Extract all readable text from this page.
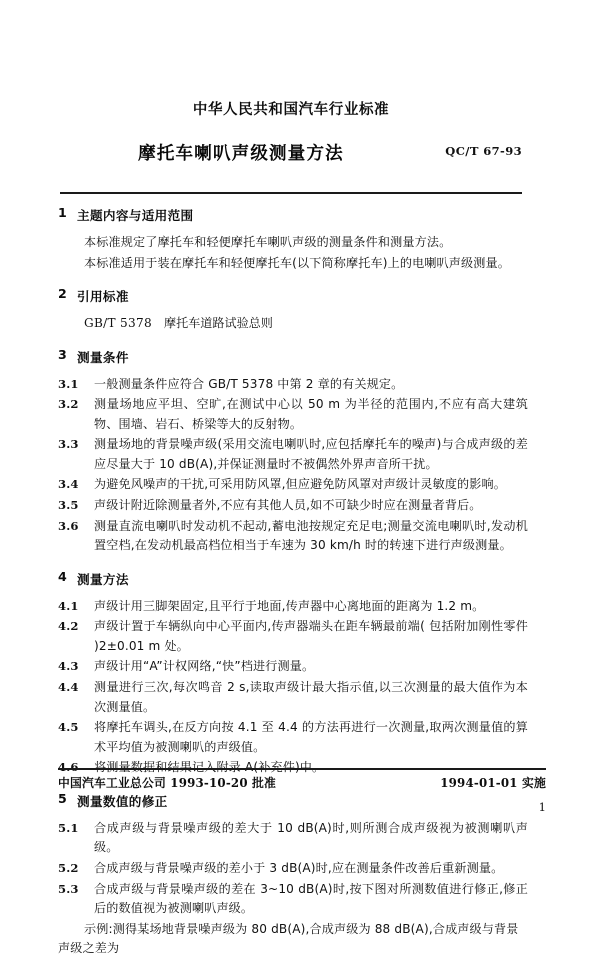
中华人民共和国汽车行业标准
摩托车喇叭声级测量方法	QC/T 67-93
1 主题内容与适用范围
本标准规定了摩托车和轻便摩托车喇叭声级的测量条件和测量方法。
本标准适用于装在摩托车和轻便摩托车(以下简称摩托车)上的电喇叭声级测量。
2 引用标准
GB/T 5378 摩托车道路试验总则
3 测量条件
3.1	一般测量条件应符合 GB/T 5378 中第 2 章的有关规定。
3.2	测量场地应平坦、空旷,在测试中心以 50 m 为半径的范围内,不应有高大建筑物、围墙、岩石、桥梁等大的反射物。
3.3	测量场地的背景噪声级(采用交流电喇叭时,应包括摩托车的噪声)与合成声级的差应尽量大于 10 dB(A),并保证测量时不被偶然外界声音所干扰。
3.4	为避免风噪声的干扰,可采用防风罩,但应避免防风罩对声级计灵敏度的影响。
3.5	声级计附近除测量者外,不应有其他人员,如不可缺少时应在测量者背后。
3.6	测量直流电喇叭时发动机不起动,蓄电池按规定充足电;测量交流电喇叭时,发动机置空档,在发动机最高档位相当于车速为 30 km/h 时的转速下进行声级测量。
4 测量方法
4.1	声级计用三脚架固定,且平行于地面,传声器中心离地面的距离为 1.2 m。
4.2	声级计置于车辆纵向中心平面内,传声器端头在距车辆最前端( 包括附加刚性零件 )2±0.01 m 处。
4.3	声级计用“A”计权网络,“快”档进行测量。
4.4	测量进行三次,每次鸣音 2 s,读取声级计最大指示值,以三次测量的最大值作为本次测量值。
4.5	将摩托车调头,在反方向按 4.1 至 4.4 的方法再进行一次测量,取两次测量值的算术平均值为被测喇叭的声级值。
5 测量数值的修正
5.1	合成声级与背景噪声级的差大于 10 dB(A)时,则所测合成声级视为被测喇叭声级。
5.2	合成声级与背景噪声级的差小于 3 dB(A)时,应在测量条件改善后重新测量。
5.3	合成声级与背景噪声级的差在 3~10 dB(A)时,按下图对所测数值进行修正,修正后的数值视为被测喇叭声级。
示例:测得某场地背景噪声级为 80 dB(A),合成声级为 88 dB(A),合成声级与背景声级之差为
中国汽车工业总公司 1993-10-20 批准	1994-01-01 实施
1
